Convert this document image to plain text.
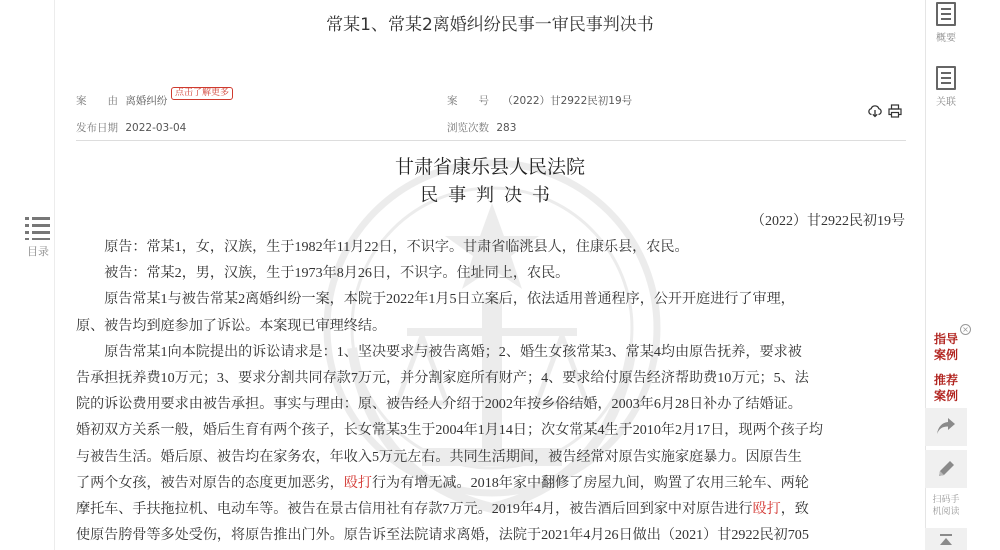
目录
常某1、常某2离婚纠纷民事一审民事判决书
案　　由 离婚纠纷
点击了解更多
案　　号 （2022）甘2922民初19号
发布日期 2022-03-04	浏览次数 283
甘肃省康乐县人民法院
民事判决书
（2022）甘2922民初19号

原告：常某1，女，汉族，生于1982年11月22日，不识字。甘肃省临洮县人，住康乐县，农民。

被告：常某2，男，汉族，生于1973年8月26日，不识字。住址同上，农民。

原告常某1与被告常某2离婚纠纷一案，本院于2022年1月5日立案后，依法适用普通程序，公开开庭进行了审理，

原、被告均到庭参加了诉讼。本案现已审理终结。

原告常某1向本院提出的诉讼请求是：1、坚决要求与被告离婚；2、婚生女孩常某3、常某4均由原告抚养，要求被

告承担抚养费10万元；3、要求分割共同存款7万元，并分割家庭所有财产；4、要求给付原告经济帮助费10万元；5、法

院的诉讼费用要求由被告承担。事实与理由：原、被告经人介绍于2002年按乡俗结婚，2003年6月28日补办了结婚证。

婚初双方关系一般，婚后生育有两个孩子，长女常某3生于2004年1月14日；次女常某4生于2010年2月17日，现两个孩子均

与被告生活。婚后原、被告均在家务农，年收入5万元左右。共同生活期间，被告经常对原告实施家庭暴力。因原告生

了两个女孩，被告对原告的态度更加恶劣，殴打行为有增无减。2018年家中翻修了房屋九间，购置了农用三轮车、两轮

摩托车、手扶拖拉机、电动车等。被告在景古信用社有存款7万元。2019年4月，被告酒后回到家中对原告进行殴打，致

使原告胯骨等多处受伤，将原告推出门外。原告诉至法院请求离婚，法院于2021年4月26日做出（2021）甘2922民初705

概要
关联
×
指导
案例
推荐
案例
扫码手
机阅读
